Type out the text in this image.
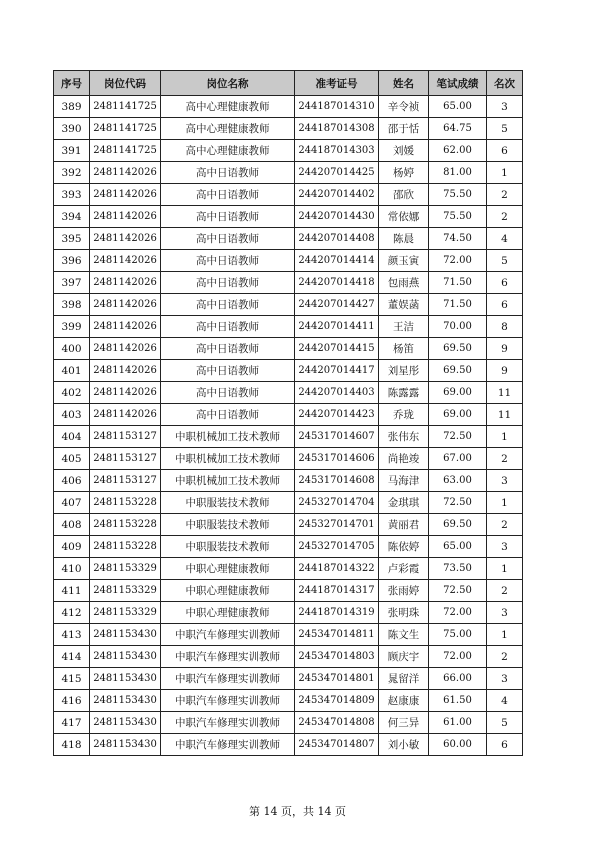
序号	岗位代码	岗位名称	准考证号	姓名	笔试成绩	名次
389	2481141725	高中心理健康教师	244187014310	辛令祯	65.00	3
390	2481141725	高中心理健康教师	244187014308	邵于恬	64.75	5
391	2481141725	高中心理健康教师	244187014303	刘媛	62.00	6
392	2481142026	高中日语教师	244207014425	杨婷	81.00	1
393	2481142026	高中日语教师	244207014402	邵欣	75.50	2
394	2481142026	高中日语教师	244207014430	常依娜	75.50	2
395	2481142026	高中日语教师	244207014408	陈晨	74.50	4
396	2481142026	高中日语教师	244207014414	颜玉寅	72.00	5
397	2481142026	高中日语教师	244207014418	包雨燕	71.50	6
398	2481142026	高中日语教师	244207014427	董娱菡	71.50	6
399	2481142026	高中日语教师	244207014411	王洁	70.00	8
400	2481142026	高中日语教师	244207014415	杨笛	69.50	9
401	2481142026	高中日语教师	244207014417	刘星彤	69.50	9
402	2481142026	高中日语教师	244207014403	陈露露	69.00	11
403	2481142026	高中日语教师	244207014423	乔珑	69.00	11
404	2481153127	中职机械加工技术教师	245317014607	张伟东	72.50	1
405	2481153127	中职机械加工技术教师	245317014606	尚艳竣	67.00	2
406	2481153127	中职机械加工技术教师	245317014608	马海津	63.00	3
407	2481153228	中职服装技术教师	245327014704	金琪琪	72.50	1
408	2481153228	中职服装技术教师	245327014701	黄丽君	69.50	2
409	2481153228	中职服装技术教师	245327014705	陈依婷	65.00	3
410	2481153329	中职心理健康教师	244187014322	卢彩霞	73.50	1
411	2481153329	中职心理健康教师	244187014317	张雨婷	72.50	2
412	2481153329	中职心理健康教师	244187014319	张明珠	72.00	3
413	2481153430	中职汽车修理实训教师	245347014811	陈文生	75.00	1
414	2481153430	中职汽车修理实训教师	245347014803	顾庆宇	72.00	2
415	2481153430	中职汽车修理实训教师	245347014801	晁留洋	66.00	3
416	2481153430	中职汽车修理实训教师	245347014809	赵康康	61.50	4
417	2481153430	中职汽车修理实训教师	245347014808	何三异	61.00	5
418	2481153430	中职汽车修理实训教师	245347014807	刘小敏	60.00	6
第 14 页，共 14 页
